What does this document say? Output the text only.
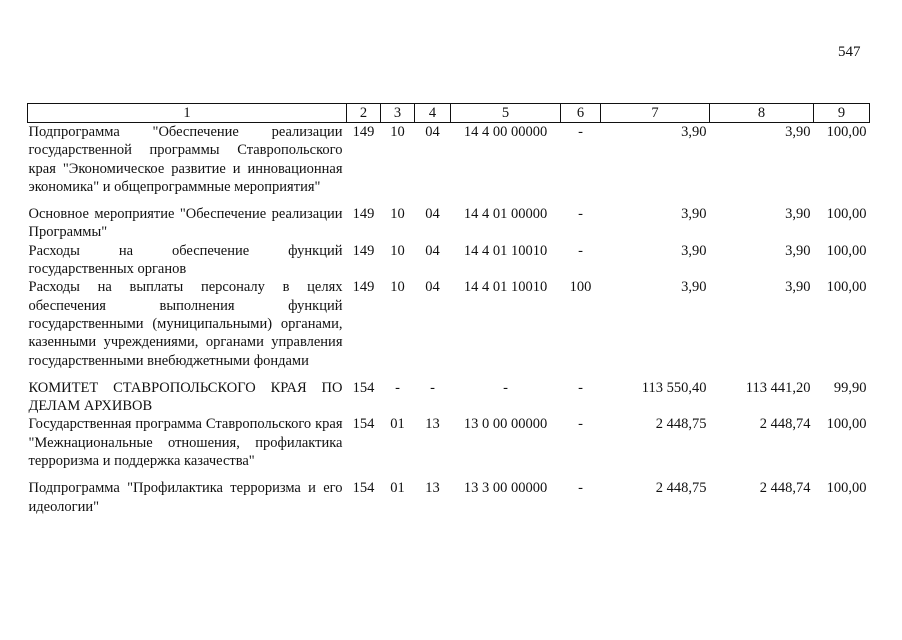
547
1	2	3	4	5	6	7	8	9
Подпрограмма "Обеспечение реализации государственной программы Ставропольского края "Экономическое развитие и инновационная экономика" и общепрограммные мероприятия"	149	10	04	14 4 00 00000	-	3,90	3,90	100,00
Основное мероприятие "Обеспечение реализации Программы"	149	10	04	14 4 01 00000	-	3,90	3,90	100,00
Расходы на обеспечение функций государственных органов	149	10	04	14 4 01 10010	-	3,90	3,90	100,00
Расходы на выплаты персоналу в целях обеспечения выполнения функций государственными (муниципальными) органами, казенными учреждениями, органами управления государственными внебюджетными фондами	149	10	04	14 4 01 10010	100	3,90	3,90	100,00
КОМИТЕТ СТАВРОПОЛЬСКОГО КРАЯ ПО ДЕЛАМ АРХИВОВ	154	-	-	-	-	113 550,40	113 441,20	99,90
Государственная программа Ставропольского края "Межнациональные отношения, профилактика терроризма и поддержка казачества"	154	01	13	13 0 00 00000	-	2 448,75	2 448,74	100,00
Подпрограмма "Профилактика терроризма и его идеологии"	154	01	13	13 3 00 00000	-	2 448,75	2 448,74	100,00
